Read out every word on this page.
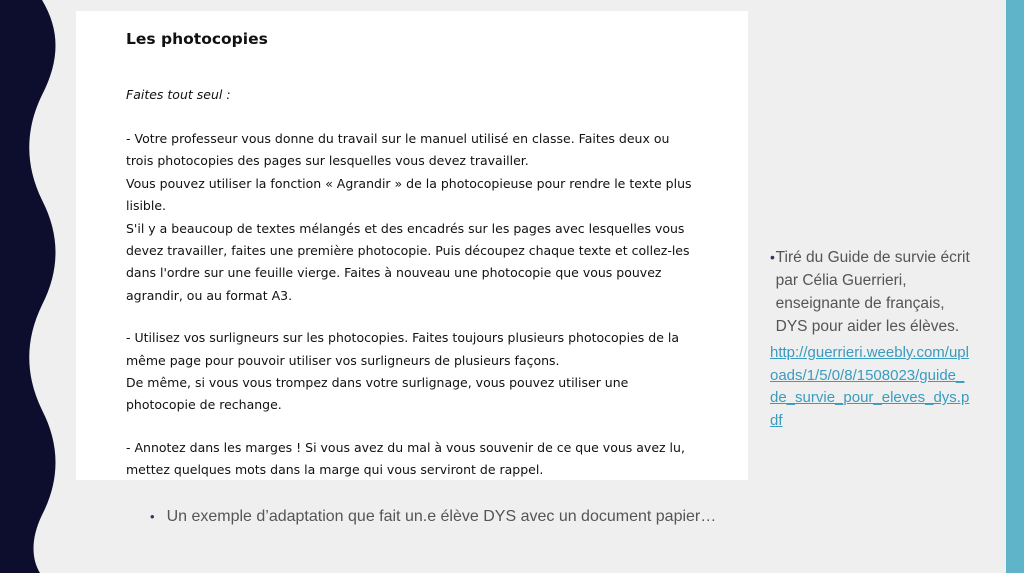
Les photocopies
Faites tout seul :
- Votre professeur vous donne du travail sur le manuel utilisé en classe. Faites deux ou
trois photocopies des pages sur lesquelles vous devez travailler.
Vous pouvez utiliser la fonction « Agrandir » de la photocopieuse pour rendre le texte plus
lisible.
S'il y a beaucoup de textes mélangés et des encadrés sur les pages avec lesquelles vous
devez travailler, faites une première photocopie. Puis découpez chaque texte et collez-les
dans l'ordre sur une feuille vierge. Faites à nouveau une photocopie que vous pouvez
agrandir, ou au format A3.
- Utilisez vos surligneurs sur les photocopies. Faites toujours plusieurs photocopies de la
même page pour pouvoir utiliser vos surligneurs de plusieurs façons.
De même, si vous vous trompez dans votre surlignage, vous pouvez utiliser une
photocopie de rechange.
- Annotez dans les marges ! Si vous avez du mal à vous souvenir de ce que vous avez lu,
mettez quelques mots dans la marge qui vous serviront de rappel.
• Tiré du Guide de survie écrit par Célia Guerrieri, enseignante de français, DYS pour aider les élèves.
http://guerrieri.weebly.com/uploads/1/5/0/8/1508023/guide_de_survie_pour_eleves_dys.pdf
• Un exemple d’adaptation que fait un.e élève DYS avec un document papier…
